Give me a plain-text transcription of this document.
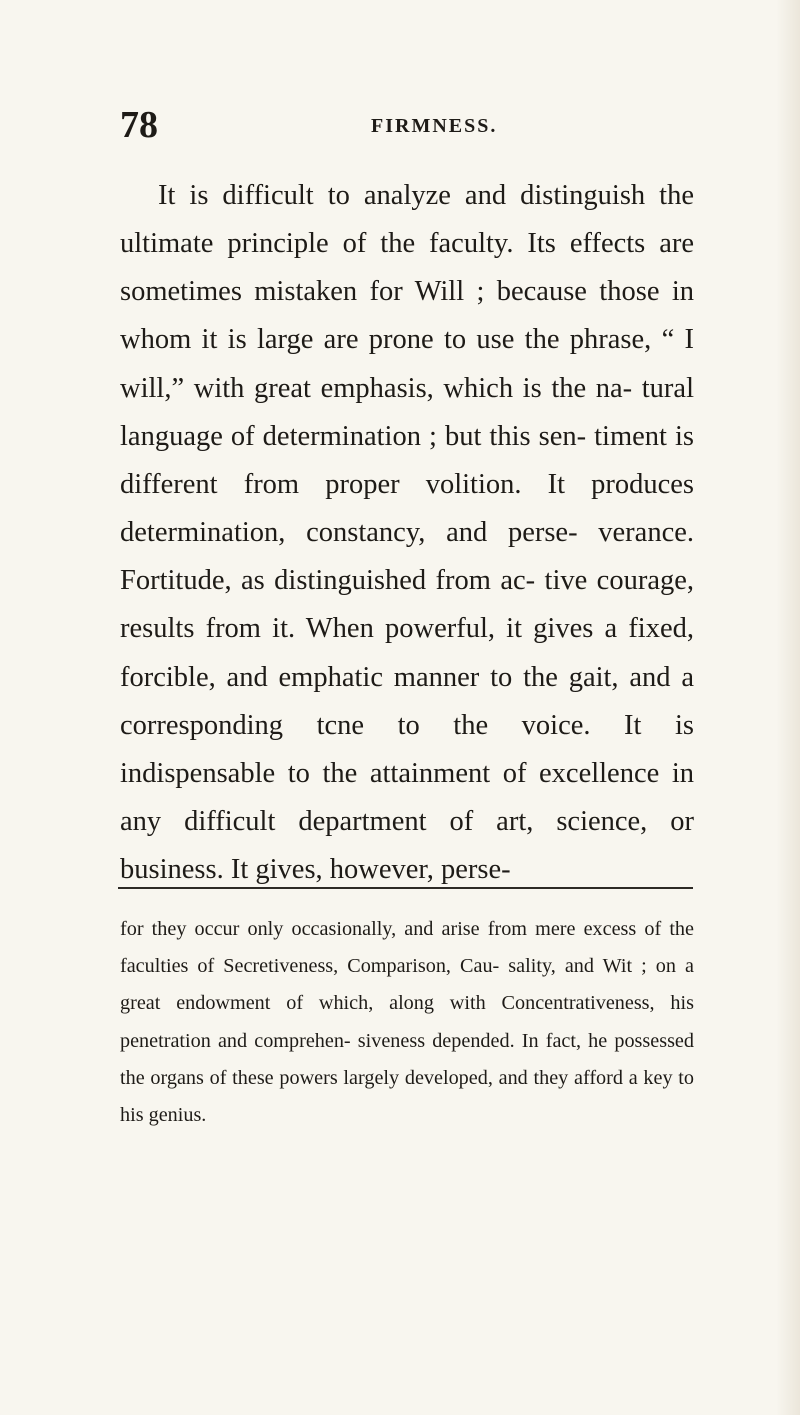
78	FIRMNESS.
It is difficult to analyze and distinguish the ultimate principle of the faculty. Its effects are sometimes mistaken for Will ; because those in whom it is large are prone to use the phrase, “ I will,” with great emphasis, which is the na- tural language of determination ; but this sen- timent is different from proper volition. It produces determination, constancy, and perse- verance. Fortitude, as distinguished from ac- tive courage, results from it. When powerful, it gives a fixed, forcible, and emphatic manner to the gait, and a corresponding tcne to the voice. It is indispensable to the attainment of excellence in any difficult department of art, science, or business. It gives, however, perse-
for they occur only occasionally, and arise from mere excess of the faculties of Secretiveness, Comparison, Cau- sality, and Wit ; on a great endowment of which, along with Concentrativeness, his penetration and comprehen- siveness depended. In fact, he possessed the organs of these powers largely developed, and they afford a key to his genius.
